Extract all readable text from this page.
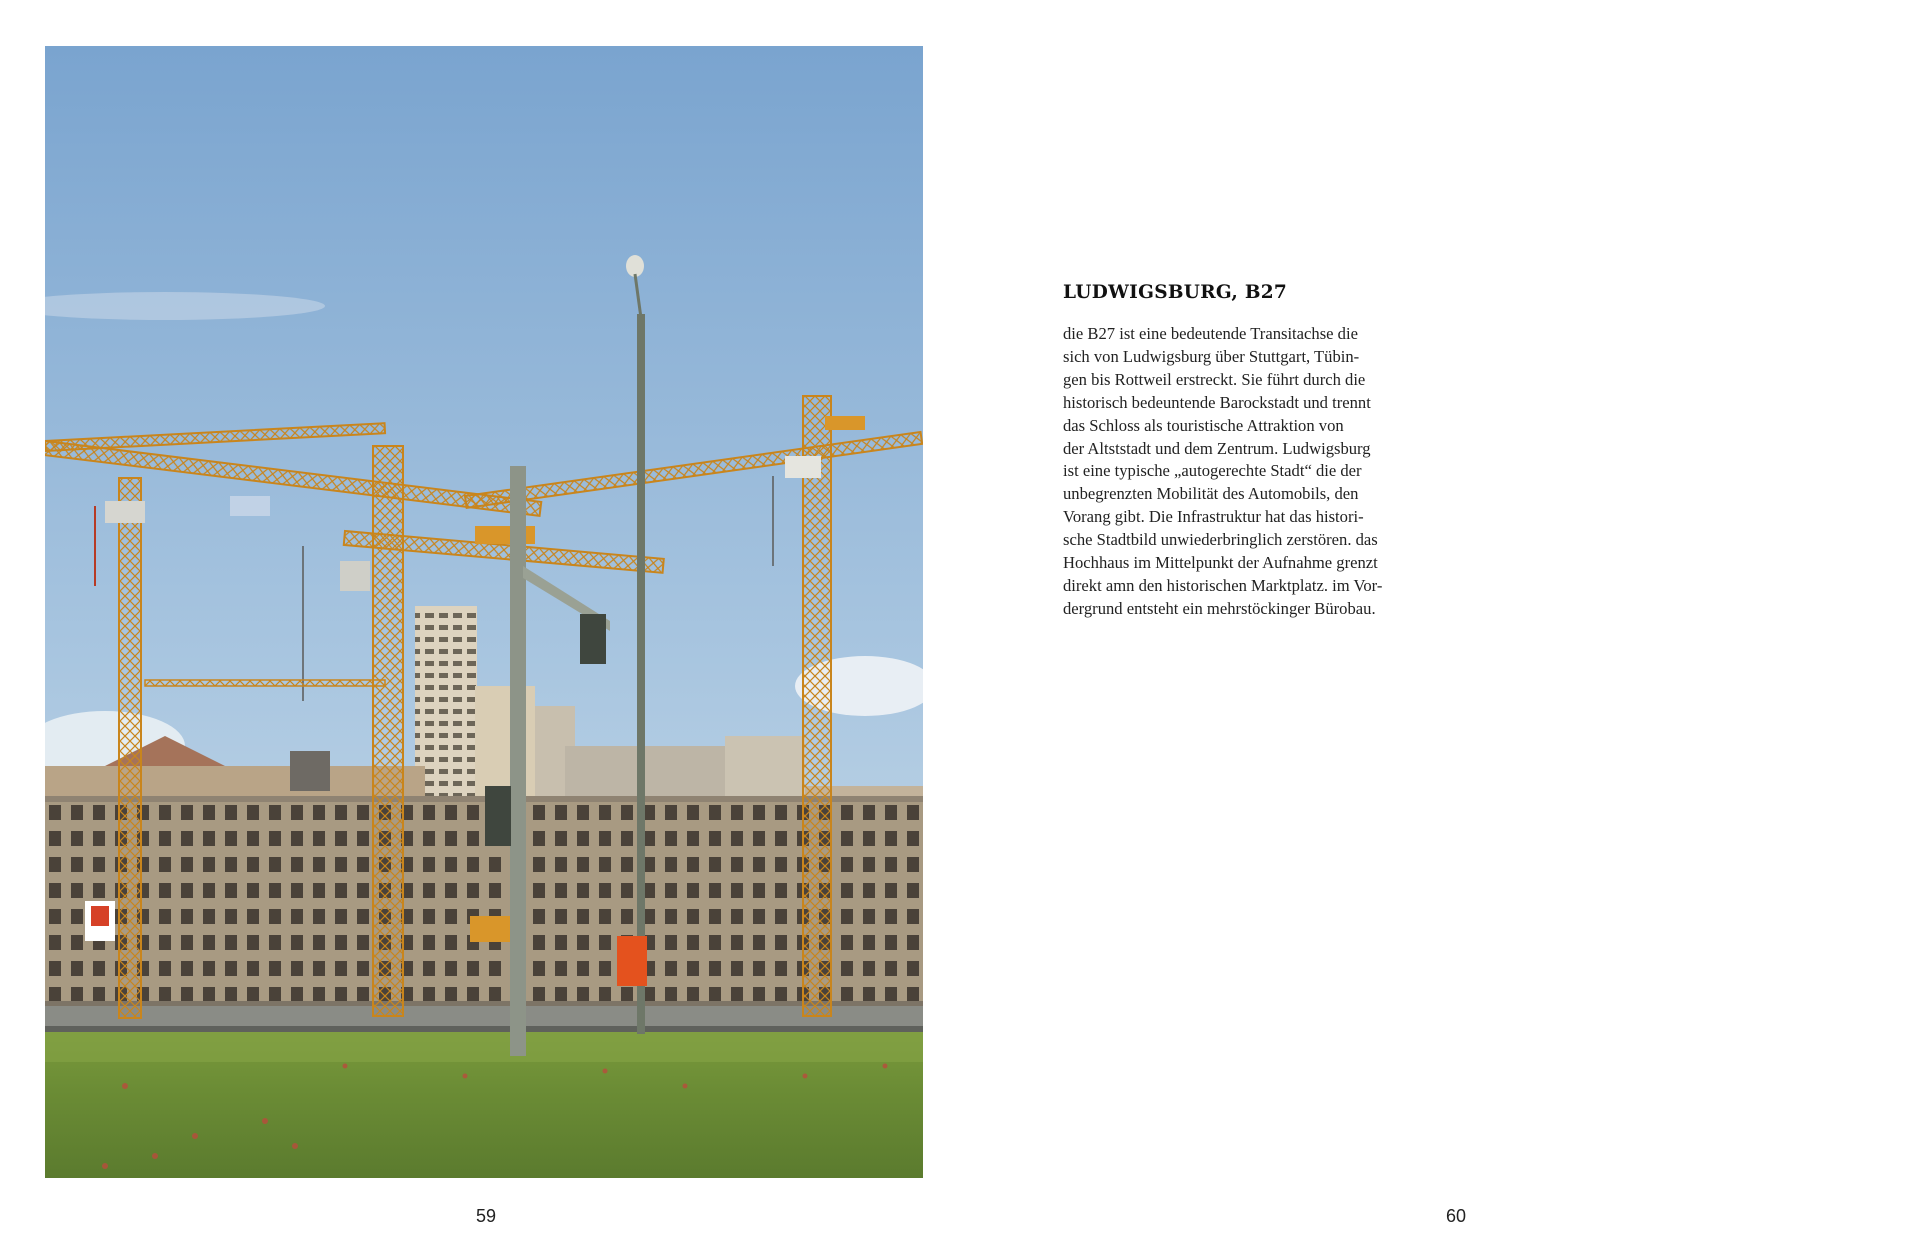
59	60
LUDWIGSBURG, B27
die B27 ist eine bedeutende Transitachse die
sich von Ludwigsburg über Stuttgart, Tübin-
gen bis Rottweil erstreckt. Sie führt durch die
historisch bedeuntende Barockstadt und trennt
das Schloss als touristische Attraktion von
der Altststadt und dem Zentrum. Ludwigsburg
ist eine typische „autogerechte Stadt“ die der
unbegrenzten Mobilität des Automobils, den
Vorang gibt. Die Infrastruktur hat das histori-
sche Stadtbild unwiederbringlich zerstören. das
Hochhaus im Mittelpunkt der Aufnahme grenzt
direkt amn den historischen Marktplatz. im Vor-
dergrund entsteht ein mehrstöckinger Bürobau.
